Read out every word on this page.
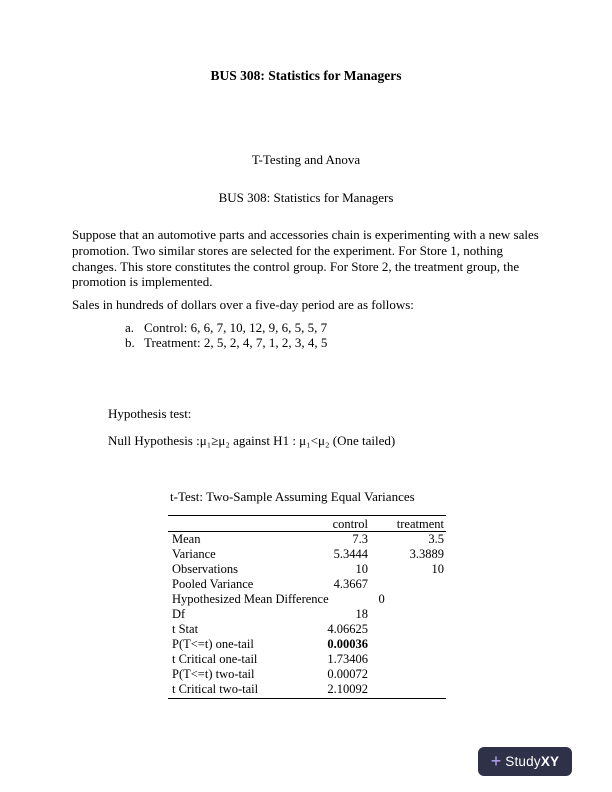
BUS 308: Statistics for Managers
T-Testing and Anova
BUS 308: Statistics for Managers

Suppose that an automotive parts and accessories chain is experimenting with a new sales promotion. Two similar stores are selected for the experiment. For Store 1, nothing changes. This store constitutes the control group. For Store 2, the treatment group, the promotion is implemented.

Sales in hundreds of dollars over a five-day period are as follows:

a. Control: 6, 6, 7, 10, 12, 9, 6, 5, 5, 7
b. Treatment: 2, 5, 2, 4, 7, 1, 2, 3, 4, 5
Hypothesis test:
Null Hypothesis :μ₁≥μ₂ against H1 : μ₁<μ₂ (One tailed)
t-Test: Two-Sample Assuming Equal Variances
control	treatment
Mean	7.3	3.5
Variance	5.3444	3.3889
Observations	10	10
Pooled Variance	4.3667
Hypothesized Mean Difference	0
Df	18
t Stat	4.06625
P(T<=t) one-tail	0.00036
t Critical one-tail	1.73406
P(T<=t) two-tail	0.00072
t Critical two-tail	2.10092
+ StudyXY
